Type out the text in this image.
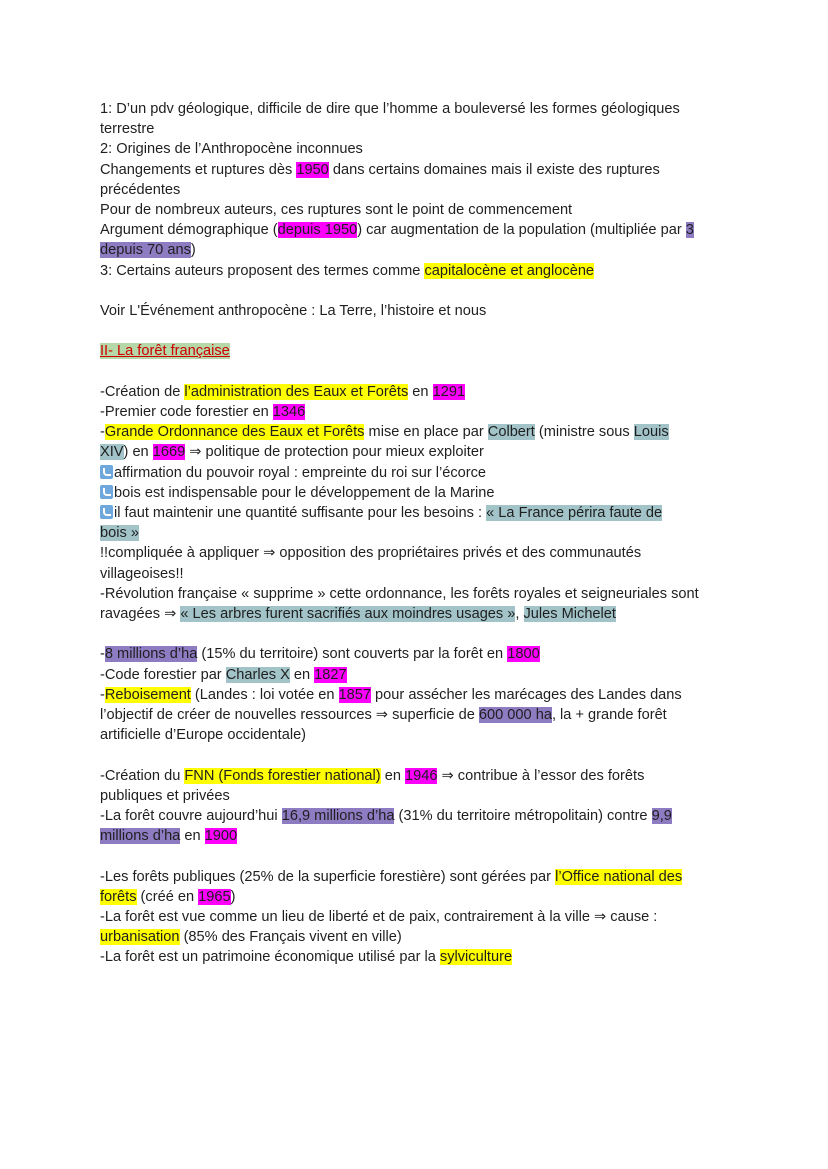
1: D’un pdv géologique, difficile de dire que l’homme a bouleversé les formes géologiques
terrestre
2: Origines de l’Anthropocène inconnues
Changements et ruptures dès 1950 dans certains domaines mais il existe des ruptures
précédentes
Pour de nombreux auteurs, ces ruptures sont le point de commencement
Argument démographique (depuis 1950) car augmentation de la population (multipliée par 3
depuis 70 ans)
3: Certains auteurs proposent des termes comme capitalocène et anglocène
Voir L'Événement anthropocène : La Terre, l’histoire et nous
II- La forêt française
-Création de l’administration des Eaux et Forêts en 1291
-Premier code forestier en 1346
-Grande Ordonnance des Eaux et Forêts mise en place par Colbert (ministre sous Louis
XIV) en 1669 ⇒ politique de protection pour mieux exploiter
affirmation du pouvoir royal : empreinte du roi sur l’écorce
bois est indispensable pour le développement de la Marine
il faut maintenir une quantité suffisante pour les besoins : « La France périra faute de
bois »
!!compliquée à appliquer ⇒ opposition des propriétaires privés et des communautés
villageoises!!
-Révolution française « supprime » cette ordonnance, les forêts royales et seigneuriales sont
ravagées ⇒ « Les arbres furent sacrifiés aux moindres usages », Jules Michelet
-8 millions d’ha (15% du territoire) sont couverts par la forêt en 1800
-Code forestier par Charles X en 1827
-Reboisement (Landes : loi votée en 1857 pour assécher les marécages des Landes dans
l’objectif de créer de nouvelles ressources ⇒ superficie de 600 000 ha, la + grande forêt
artificielle d’Europe occidentale)
-Création du FNN (Fonds forestier national) en 1946 ⇒ contribue à l’essor des forêts
publiques et privées
-La forêt couvre aujourd’hui 16,9 millions d’ha (31% du territoire métropolitain) contre 9,9
millions d’ha en 1900
-Les forêts publiques (25% de la superficie forestière) sont gérées par l’Office national des
forêts (créé en 1965)
-La forêt est vue comme un lieu de liberté et de paix, contrairement à la ville ⇒ cause :
urbanisation (85% des Français vivent en ville)
-La forêt est un patrimoine économique utilisé par la sylviculture
